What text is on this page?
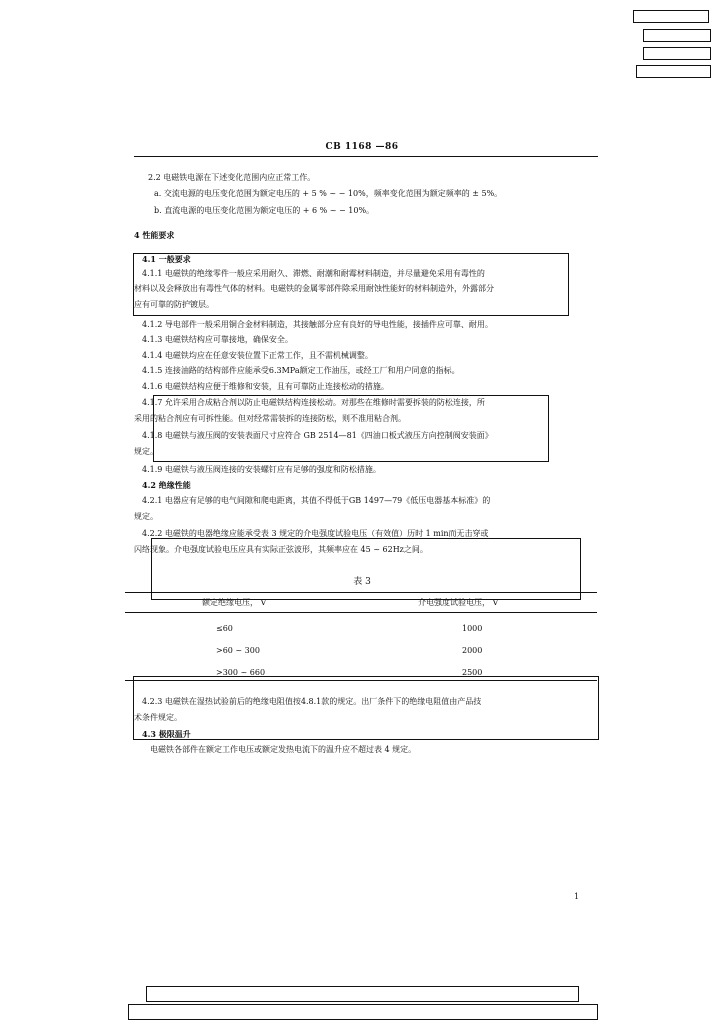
CB 1168 —86
2.2 电磁铁电源在下述变化范围内应正常工作。
a. 交流电源的电压变化范围为额定电压的 + 5 % ~ − 10%，频率变化范围为额定频率的 ± 5%。
b. 直流电源的电压变化范围为额定电压的 + 6 % ~ − 10%。
4 性能要求
4.1 一般要求
4.1.1 电磁铁的绝缘零件一般应采用耐久、滞燃、耐潮和耐霉材料制造，并尽量避免采用有毒性的
材料以及会释放出有毒性气体的材料。电磁铁的金属零部件除采用耐蚀性能好的材料制造外，外露部分
应有可靠的防护镀层。
4.1.2 导电部件一般采用铜合金材料制造，其接触部分应有良好的导电性能，接插件应可靠、耐用。
4.1.3 电磁铁结构应可靠接地，确保安全。
4.1.4 电磁铁均应在任意安装位置下正常工作，且不需机械调整。
4.1.5 连接油路的结构部件应能承受6.3MPa额定工作油压，或经工厂和用户同意的指标。
4.1.6 电磁铁结构应便于维修和安装，且有可靠防止连接松动的措施。
4.1.7 允许采用合成粘合剂以防止电磁铁结构连接松动。对那些在维修时需要拆装的防松连接，所
采用的粘合剂应有可拆性能。但对经常需装拆的连接防松，则不准用粘合剂。
4.1.8 电磁铁与液压阀的安装表面尺寸应符合 GB 2514—81《四油口板式液压方向控制阀安装面》
规定。
4.1.9 电磁铁与液压阀连接的安装螺钉应有足够的强度和防松措施。
4.2 绝缘性能
4.2.1 电器应有足够的电气间隙和爬电距离，其值不得低于GB 1497—79《低压电器基本标准》的
规定。
4.2.2 电磁铁的电器绝缘应能承受表 3 规定的介电强度试验电压（有效值）历时 1 min而无击穿或
闪络现象。介电强度试验电压应具有实际正弦波形，其频率应在 45 ~ 62Hz之间。
表 3
额定绝缘电压， V	介电强度试验电压， V
≤60	1000
>60 ~ 300	2000
>300 ~ 660	2500
4.2.3 电磁铁在湿热试验前后的绝缘电阻值按4.8.1款的规定。出厂条件下的绝缘电阻值由产品技
术条件规定。
4.3 极限温升
电磁铁各部件在额定工作电压或额定发热电流下的温升应不超过表 4 规定。
1
